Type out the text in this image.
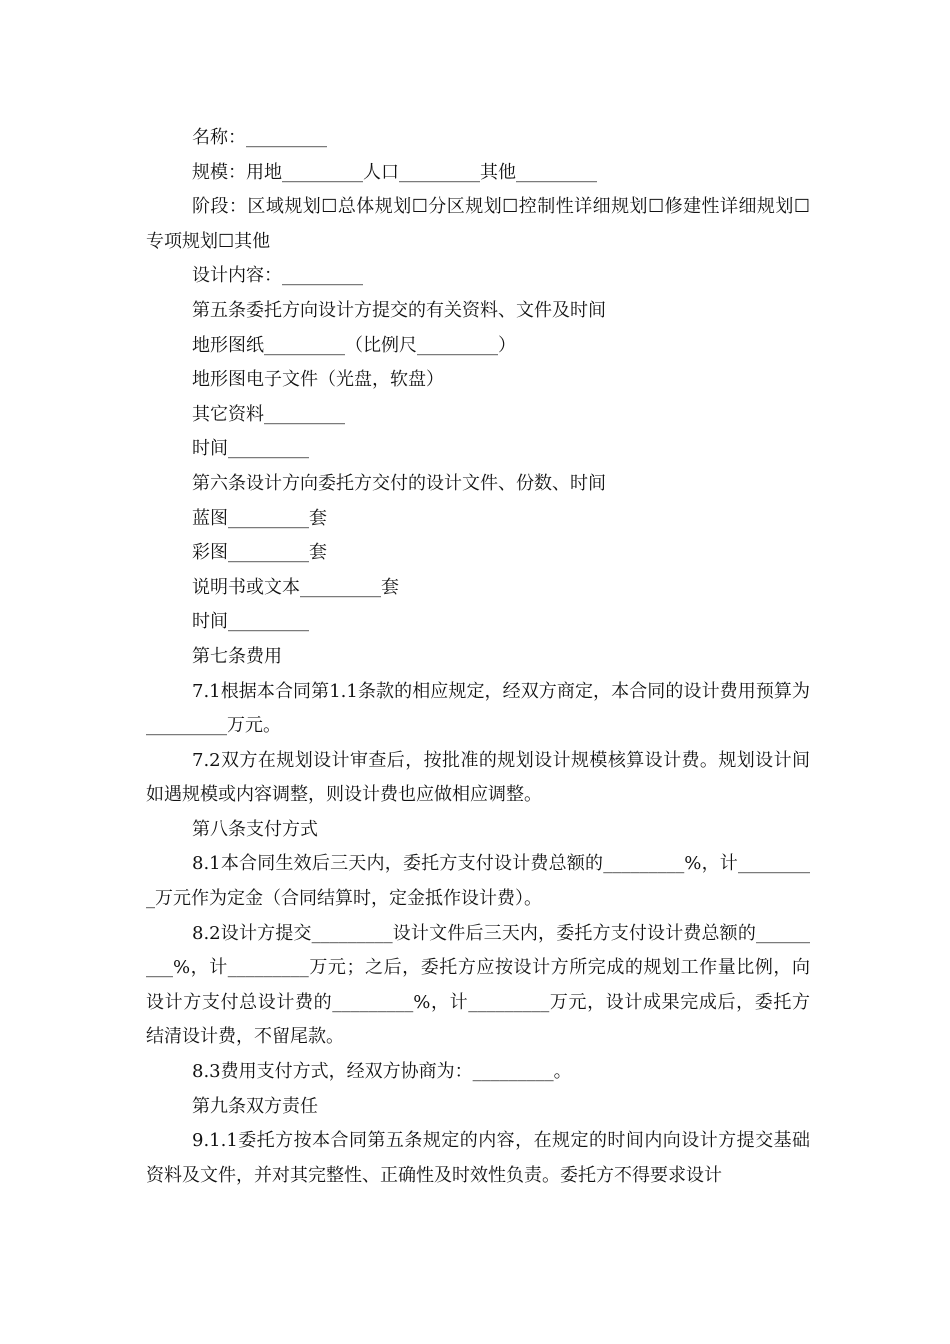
名称：_________

规模：用地_________人口_________其他_________

阶段：区域规划☐总体规划☐分区规划☐控制性详细规划☐修建性详细规划☐专项规划☐其他

设计内容：_________

第五条委托方向设计方提交的有关资料、文件及时间

地形图纸_________（比例尺_________）

地形图电子文件（光盘，软盘）

其它资料_________

时间_________

第六条设计方向委托方交付的设计文件、份数、时间

蓝图_________套

彩图_________套

说明书或文本_________套

时间_________

第七条费用

7.1根据本合同第1.1条款的相应规定，经双方商定，本合同的设计费用预算为_________万元。

7.2双方在规划设计审查后，按批准的规划设计规模核算设计费。规划设计间如遇规模或内容调整，则设计费也应做相应调整。

第八条支付方式

8.1本合同生效后三天内，委托方支付设计费总额的_________%，计_________万元作为定金（合同结算时，定金抵作设计费）。

8.2设计方提交_________设计文件后三天内，委托方支付设计费总额的_________%，计_________万元；之后，委托方应按设计方所完成的规划工作量比例，向设计方支付总设计费的_________%，计_________万元，设计成果完成后，委托方结清设计费，不留尾款。

8.3费用支付方式，经双方协商为：_________。

第九条双方责任

9.1.1委托方按本合同第五条规定的内容，在规定的时间内向设计方提交基础资料及文件，并对其完整性、正确性及时效性负责。委托方不得要求设计
